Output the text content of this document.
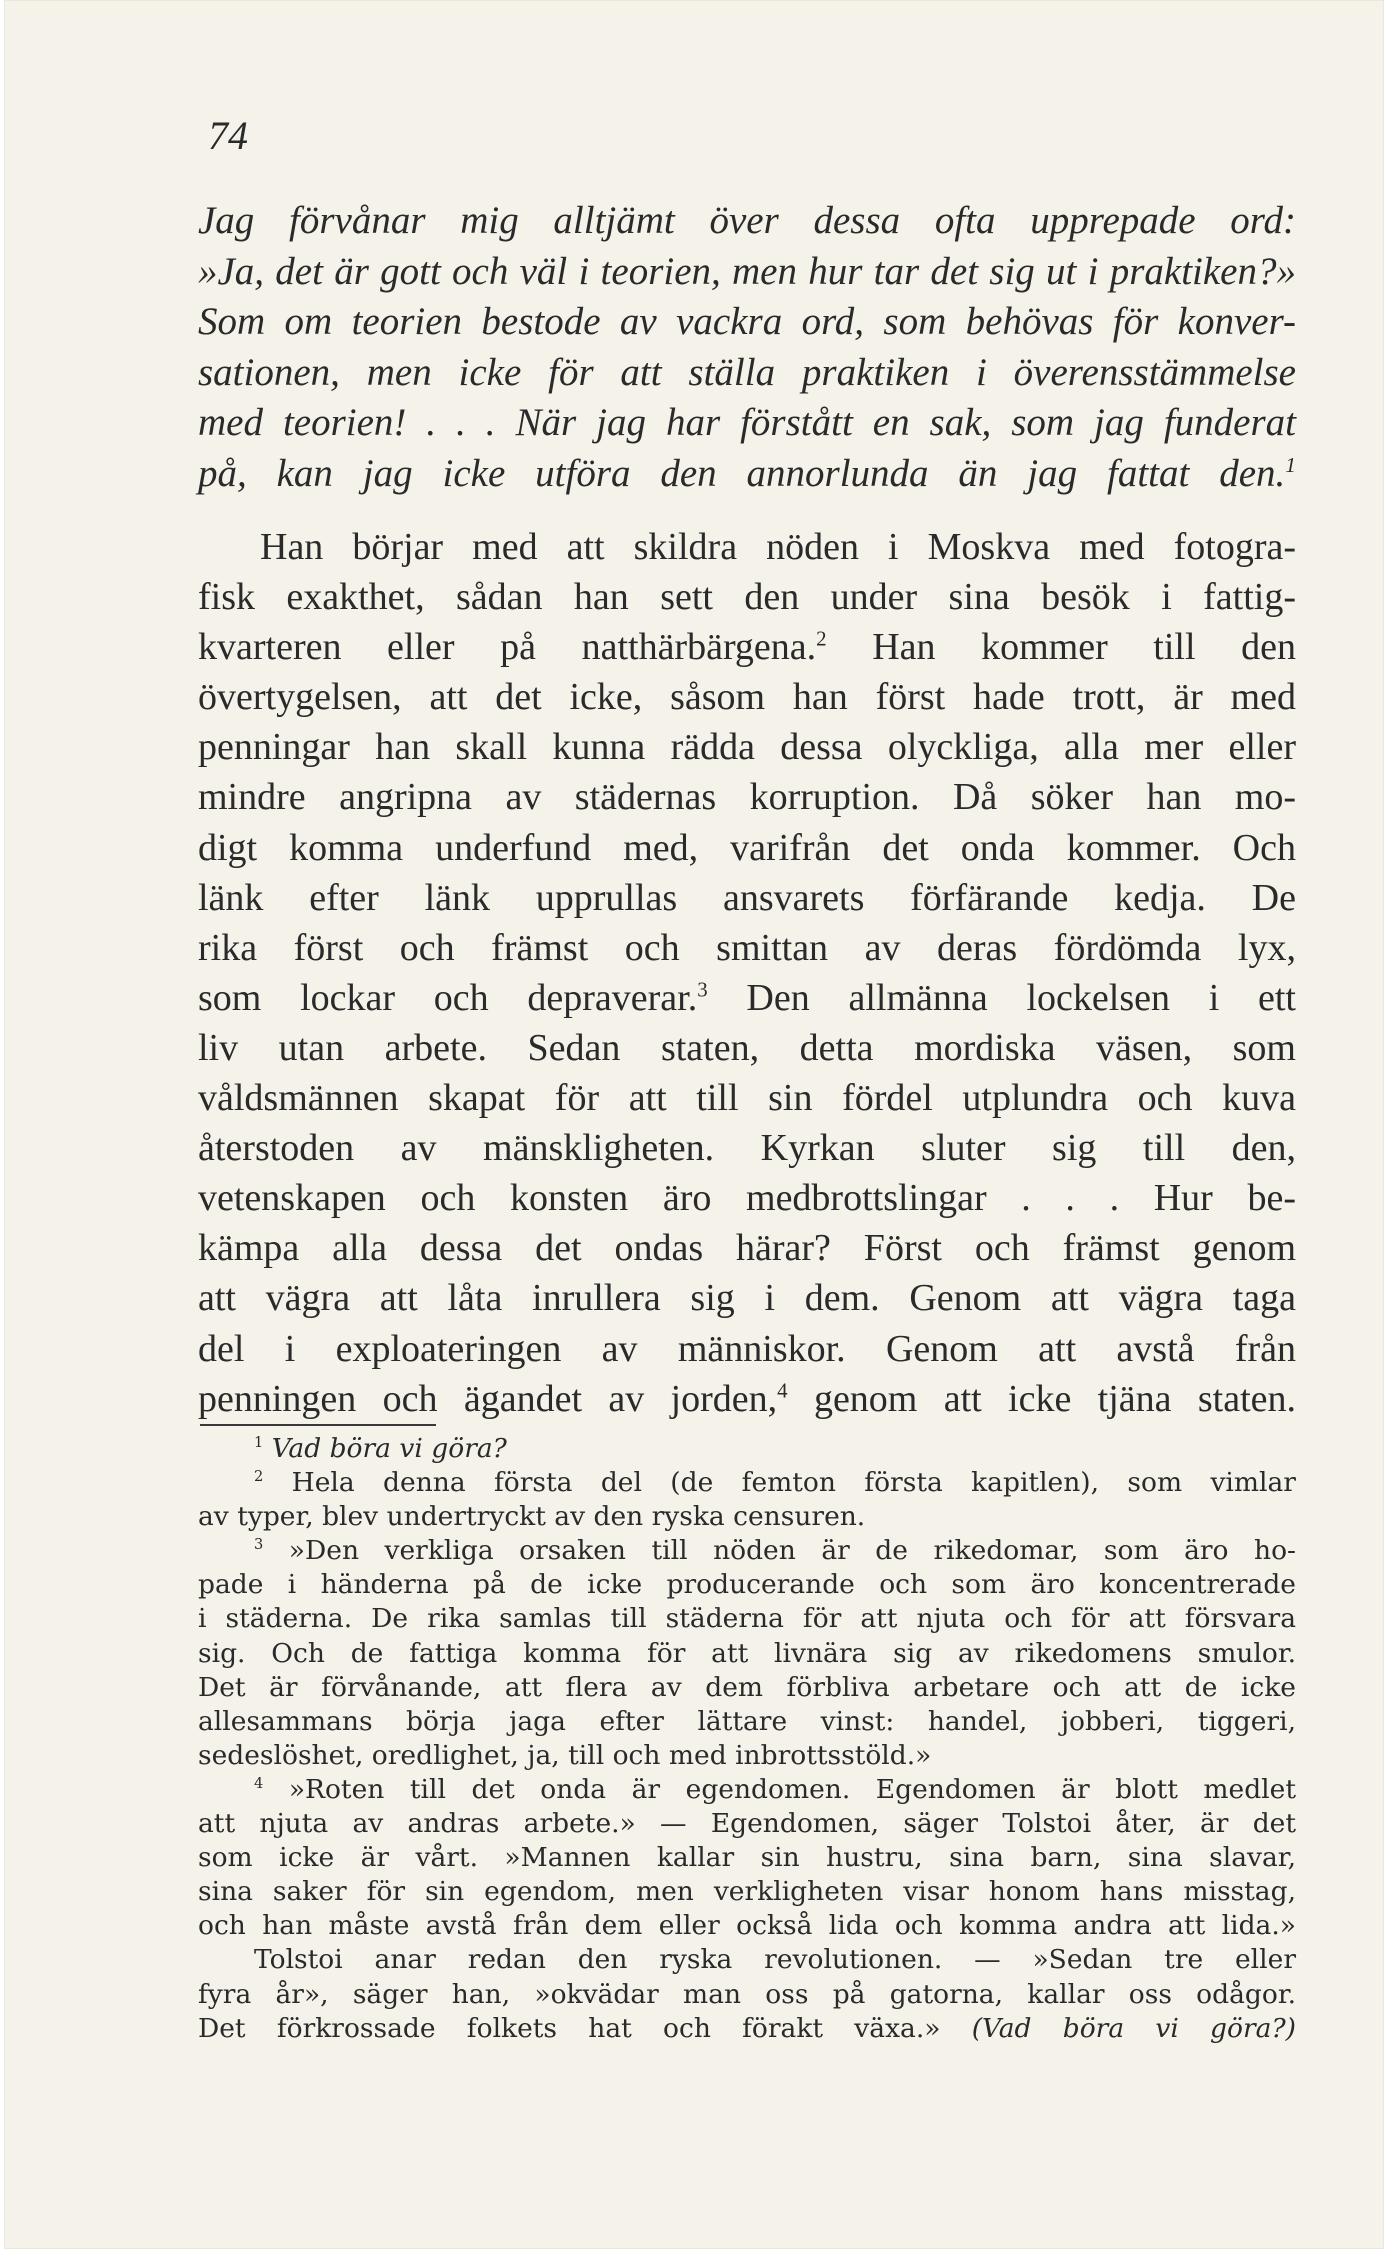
74

Jag förvånar mig alltjämt över dessa ofta upprepade ord:
»Ja, det är gott och väl i teorien, men hur tar det sig ut i praktiken?»
Som om teorien bestode av vackra ord, som behövas för konver-
sationen, men icke för att ställa praktiken i överensstämmelse
med teorien! . . . När jag har förstått en sak, som jag funderat
på, kan jag icke utföra den annorlunda än jag fattat den.$^1$
Han börjar med att skildra nöden i Moskva med fotogra-
fisk exakthet, sådan han sett den under sina besök i fattig-
kvarteren eller på natthärbärgena.$^2$ Han kommer till den
övertygelsen, att det icke, såsom han först hade trott, är med
penningar han skall kunna rädda dessa olyckliga, alla mer eller
mindre angripna av städernas korruption. Då söker han mo-
digt komma underfund med, varifrån det onda kommer. Och
länk efter länk upprullas ansvarets förfärande kedja. De
rika först och främst och smittan av deras fördömda lyx,
som lockar och depraverar.$^3$ Den allmänna lockelsen i ett
liv utan arbete. Sedan staten, detta mordiska väsen, som
våldsmännen skapat för att till sin fördel utplundra och kuva
återstoden av mänskligheten. Kyrkan sluter sig till den,
vetenskapen och konsten äro medbrottslingar . . . Hur be-
kämpa alla dessa det ondas härar? Först och främst genom
att vägra att låta inrullera sig i dem. Genom att vägra taga
del i exploateringen av människor. Genom att avstå från
penningen och ägandet av jorden,$^4$ genom att icke tjäna staten.
$^1$ Vad böra vi göra?
$^2$ Hela denna första del (de femton första kapitlen), som vimlar
av typer, blev undertryckt av den ryska censuren.
$^3$ »Den verkliga orsaken till nöden är de rikedomar, som äro ho-
pade i händerna på de icke producerande och som äro koncentrerade
i städerna. De rika samlas till städerna för att njuta och för att försvara
sig. Och de fattiga komma för att livnära sig av rikedomens smulor.
Det är förvånande, att flera av dem förbliva arbetare och att de icke
allesammans börja jaga efter lättare vinst: handel, jobberi, tiggeri,
sedeslöshet, oredlighet, ja, till och med inbrottsstöld.»
$^4$ »Roten till det onda är egendomen. Egendomen är blott medlet
att njuta av andras arbete.» — Egendomen, säger Tolstoi åter, är det
som icke är vårt. »Mannen kallar sin hustru, sina barn, sina slavar,
sina saker för sin egendom, men verkligheten visar honom hans misstag,
och han måste avstå från dem eller också lida och komma andra att lida.»
Tolstoi anar redan den ryska revolutionen. — »Sedan tre eller
fyra år», säger han, »okvädar man oss på gatorna, kallar oss odågor.
Det förkrossade folkets hat och förakt växa.» (Vad böra vi göra?)
